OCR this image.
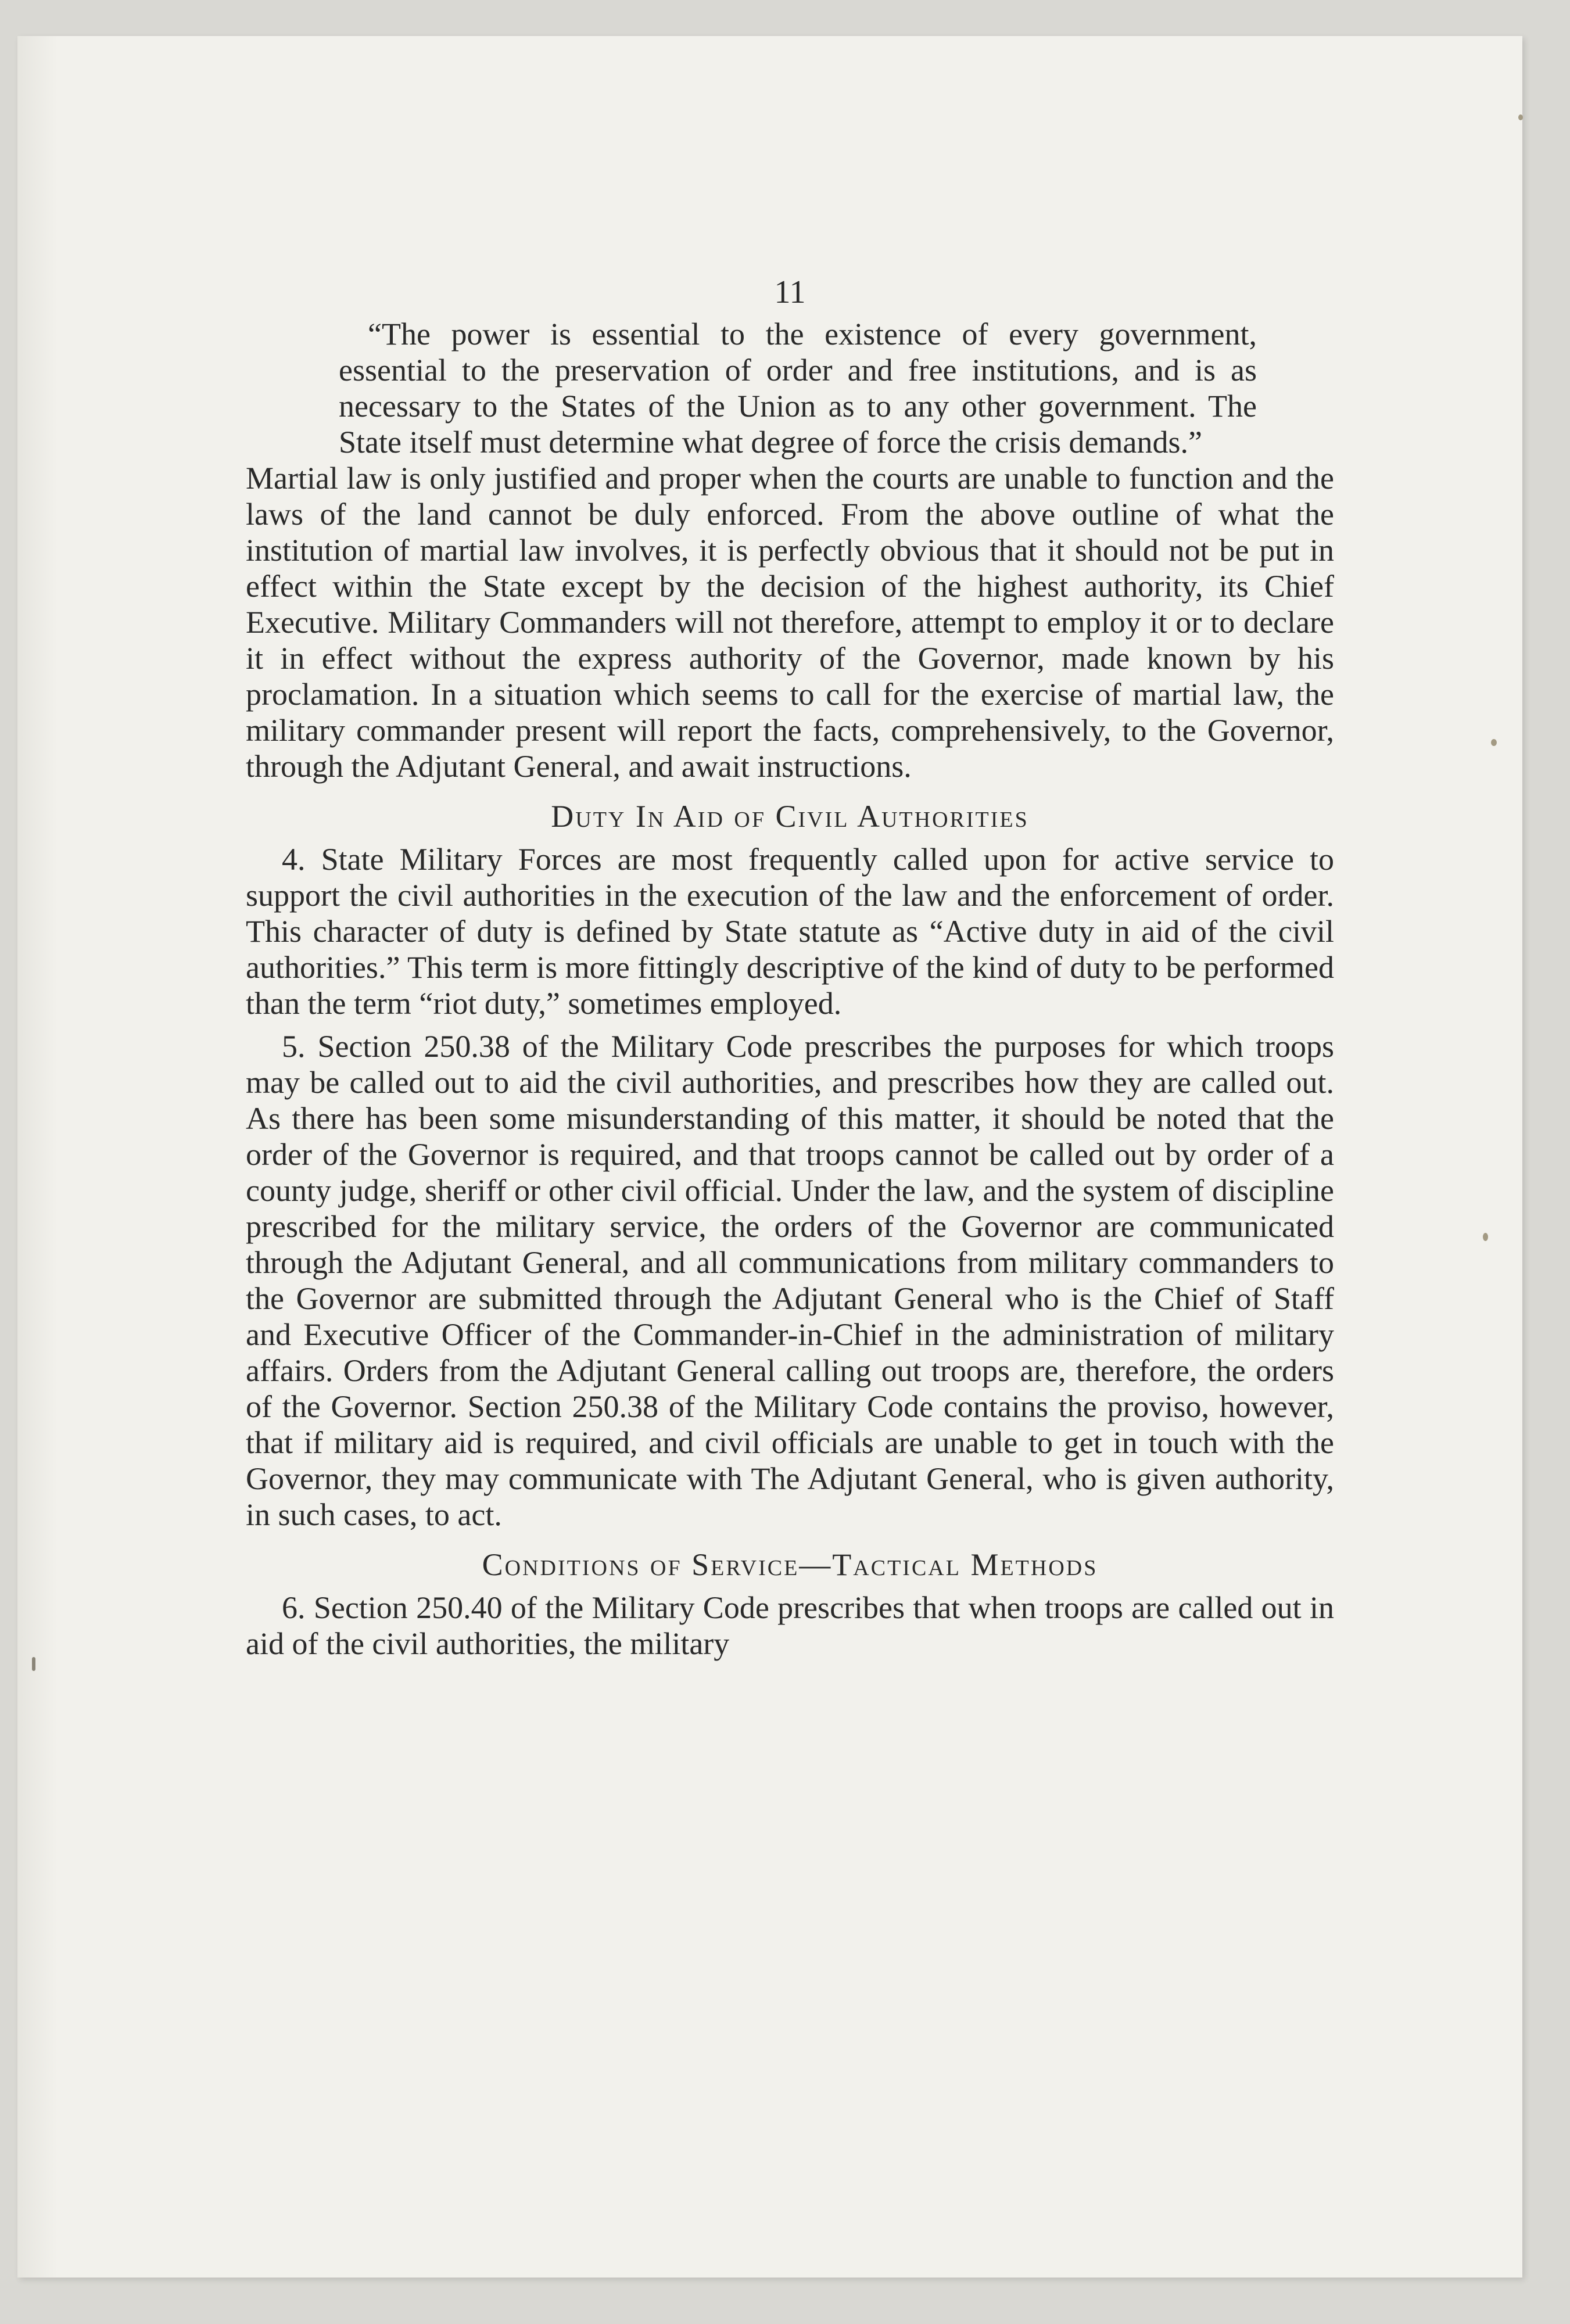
11

“The power is essential to the existence of every government, essential to the preservation of order and free institutions, and is as necessary to the States of the Union as to any other government. The State itself must determine what degree of force the crisis demands.”

Martial law is only justified and proper when the courts are unable to function and the laws of the land cannot be duly enforced. From the above outline of what the institution of martial law involves, it is perfectly obvious that it should not be put in effect within the State except by the decision of the highest authority, its Chief Executive. Military Commanders will not therefore, attempt to employ it or to declare it in effect without the express authority of the Governor, made known by his proclamation. In a situation which seems to call for the exercise of martial law, the military commander present will report the facts, comprehensively, to the Governor, through the Adjutant General, and await instructions.

Duty In Aid of Civil Authorities

4. State Military Forces are most frequently called upon for active service to support the civil authorities in the execution of the law and the enforcement of order. This character of duty is defined by State statute as “Active duty in aid of the civil authorities.” This term is more fittingly descriptive of the kind of duty to be performed than the term “riot duty,” sometimes employed.

5. Section 250.38 of the Military Code prescribes the purposes for which troops may be called out to aid the civil authorities, and prescribes how they are called out. As there has been some misunderstanding of this matter, it should be noted that the order of the Governor is required, and that troops cannot be called out by order of a county judge, sheriff or other civil official. Under the law, and the system of discipline prescribed for the military service, the orders of the Governor are communicated through the Adjutant General, and all communications from military commanders to the Governor are submitted through the Adjutant General who is the Chief of Staff and Executive Officer of the Commander-in-Chief in the administration of military affairs. Orders from the Adjutant General calling out troops are, therefore, the orders of the Governor. Section 250.38 of the Military Code contains the proviso, however, that if military aid is required, and civil officials are unable to get in touch with the Governor, they may communicate with The Adjutant General, who is given authority, in such cases, to act.

Conditions of Service—Tactical Methods

6. Section 250.40 of the Military Code prescribes that when troops are called out in aid of the civil authorities, the military
